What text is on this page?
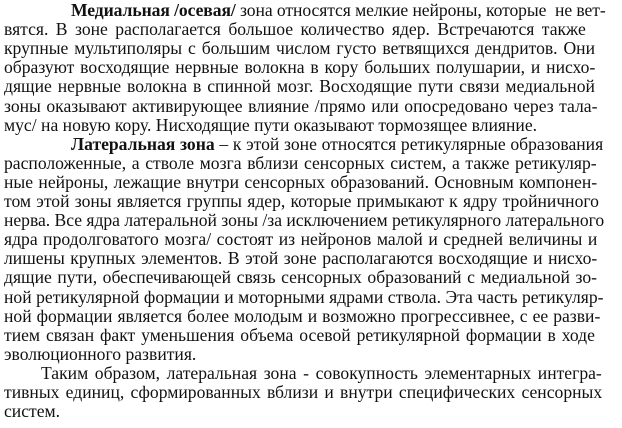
Медиальная /осевая/ зона относятся мелкие нейроны, которые  не вет-
вятся. В зоне располагается большое количество ядер. Встречаются также
крупные мультиполяры с большим числом густо ветвящихся дендритов. Они
образуют восходящие нервные волокна в кору больших полушарии, и нисхо-
дящие нервные волокна в спинной мозг. Восходящие пути связи медиальной
зоны оказывают активирующее влияние /прямо или опосредовано через тала-
мус/ на новую кору. Нисходящие пути оказывают тормозящее влияние.
Латеральная зона – к этой зоне относятся ретикулярные образования
расположенные, а стволе мозга вблизи сенсорных систем, а также ретикуляр-
ные нейроны, лежащие внутри сенсорных образований. Основным компонен-
том этой зоны является группы ядер, которые примыкают к ядру тройничного
нерва. Все ядра латеральной зоны /за исключением ретикулярного латерального
ядра продолговатого мозга/ состоят из нейронов малой и средней величины и
лишены крупных элементов. В этой зоне располагаются восходящие и нисхо-
дящие пути, обеспечивающей связь сенсорных образований с медиальной зо-
ной ретикулярной формации и моторными ядрами ствола. Эта часть ретикуляр-
ной формации является более молодым и возможно прогрессивнее, с ее разви-
тием связан факт уменьшения объема осевой ретикулярной формации в ходе
эволюционного развития.
Таким образом, латеральная зона - совокупность элементарных интегра-
тивных единиц, сформированных вблизи и внутри специфических сенсорных
систем.
